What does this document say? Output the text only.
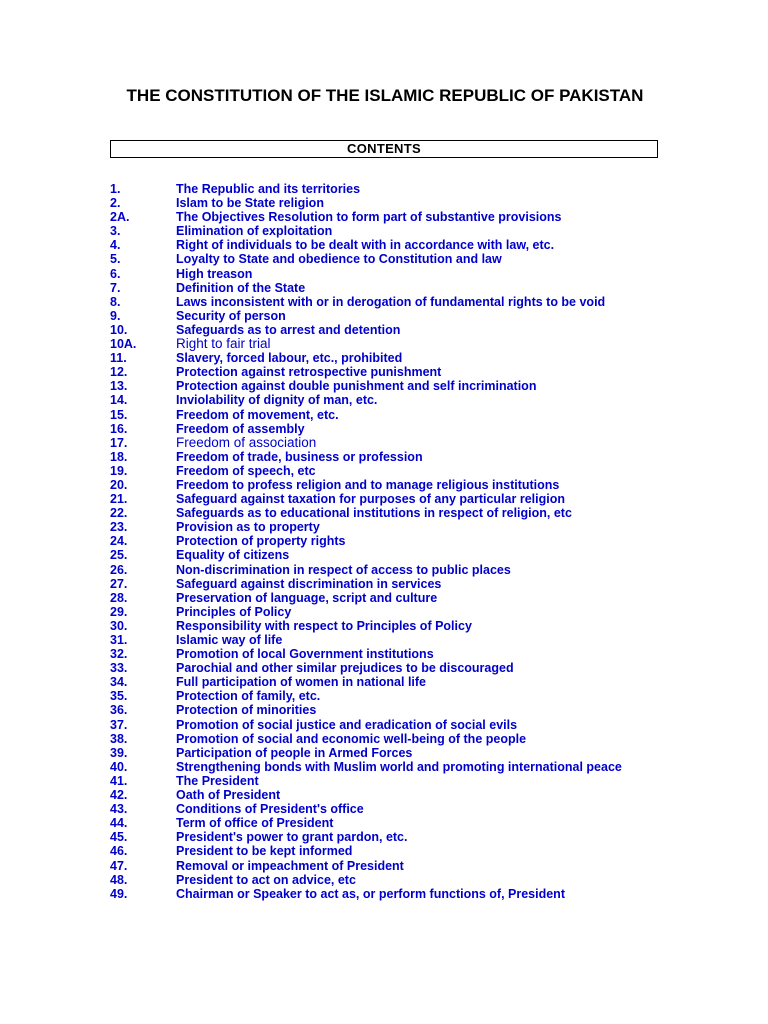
THE CONSTITUTION OF THE ISLAMIC REPUBLIC OF PAKISTAN
CONTENTS
1.	The Republic and its territories
2.	Islam to be State religion
2A.	The Objectives Resolution to form part of substantive provisions
3.	Elimination of exploitation
4.	Right of individuals to be dealt with in accordance with law, etc.
5.	Loyalty to State and obedience to Constitution and law
6.	High treason
7.	Definition of the State
8.	Laws inconsistent with or in derogation of fundamental rights to be void
9.	Security of person
10.	Safeguards as to arrest and detention
10A.	Right to fair trial
11.	Slavery, forced labour, etc., prohibited
12.	Protection against retrospective punishment
13.	Protection against double punishment and self incrimination
14.	Inviolability of dignity of man, etc.
15.	Freedom of movement, etc.
16.	Freedom of assembly
17.	Freedom of association
18.	Freedom of trade, business or profession
19.	Freedom of speech, etc
20.	Freedom to profess religion and to manage religious institutions
21.	Safeguard against taxation for purposes of any particular religion
22.	Safeguards as to educational institutions in respect of religion, etc
23.	Provision as to property
24.	Protection of property rights
25.	Equality of citizens
26.	Non-discrimination in respect of access to public places
27.	Safeguard against discrimination in services
28.	Preservation of language, script and culture
29.	Principles of Policy
30.	Responsibility with respect to Principles of Policy
31.	Islamic way of life
32.	Promotion of local Government institutions
33.	Parochial and other similar prejudices to be discouraged
34.	Full participation of women in national life
35.	Protection of family, etc.
36.	Protection of minorities
37.	Promotion of social justice and eradication of social evils
38.	Promotion of social and economic well-being of the people
39.	Participation of people in Armed Forces
40.	Strengthening bonds with Muslim world and promoting international peace
41.	The President
42.	Oath of President
43.	Conditions of President's office
44.	Term of office of President
45.	President's power to grant pardon, etc.
46.	President to be kept informed
47.	Removal or impeachment of President
48.	President to act on advice, etc
49.	Chairman or Speaker to act as, or perform functions of, President
